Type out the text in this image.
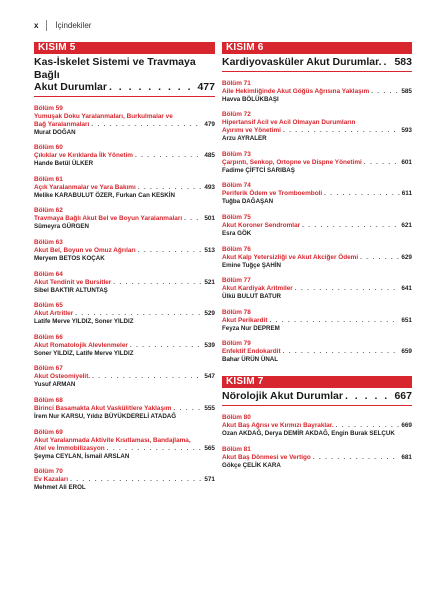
x İçindekiler
KISIM 5
Kas-İskelet Sistemi ve Travmaya Bağlı
Akut Durumlar . . .	477
Bölüm 59
Yumuşak Doku Yaralanmaları, Burkulmalar ve
Bağ Yaralanmaları . . .	479
Murat DOĞAN
Bölüm 60
Çıkıklar ve Kırıklarda İlk Yönetim . . .	485
Hande Betül ÜLKER
Bölüm 61
Açık Yaralanmalar ve Yara Bakımı . . .	493
Melike KARABULUT ÖZER, Furkan Can KESKİN
Bölüm 62
Travmaya Bağlı Akut Bel ve Boyun Yaralanmaları . . .	501
Sümeyra GÜRGEN
Bölüm 63
Akut Bel, Boyun ve Omuz Ağrıları . . .	513
Meryem BETOS KOÇAK
Bölüm 64
Akut Tendinit ve Bursitler . . .	521
Sibel BAKTIR ALTUNTAŞ
Bölüm 65
Akut Artritler . . .	529
Latife Merve YILDIZ, Soner YILDIZ
Bölüm 66
Akut Romatolojik Alevlenmeler . . .	539
Soner YILDIZ, Latife Merve YILDIZ
Bölüm 67
Akut Osteomiyelit. . . .	547
Yusuf ARMAN
Bölüm 68
Birinci Basamakta Akut Vaskülitlere Yaklaşım . . .	555
İrem Nur KARSU, Yıldız BÜYÜKDERELİ ATADAĞ
Bölüm 69
Akut Yaralanmada Aktivite Kısıtlaması, Bandajlama,
Atel ve İmmobilizasyon . . .	565
Şeyma CEYLAN, İsmail ARSLAN
Bölüm 70
Ev Kazaları . . .	571
Mehmet Ali EROL
KISIM 6
Kardiyovasküler Akut Durumlar. . . . 583
Bölüm 71
Aile Hekimliğinde Akut Göğüs Ağrısına Yaklaşım . . .	585
Havva BÖLÜKBAŞI
Bölüm 72
Hipertansif Acil ve Acil Olmayan Durumların
Ayırımı ve Yönetimi . . .	593
Arzu AYRALER
Bölüm 73
Çarpıntı, Senkop, Ortopne ve Dispne Yönetimi . . .	601
Fadime ÇİFTCİ SARIBAŞ
Bölüm 74
Periferik Ödem ve Tromboemboli . . .	611
Tuğba DAĞAŞAN
Bölüm 75
Akut Koroner Sendromlar . . .	621
Esra GÖK
Bölüm 76
Akut Kalp Yetersizliği ve Akut Akciğer Ödemi . . .	629
Emine Tuğçe ŞAHİN
Bölüm 77
Akut Kardiyak Aritmiler . . .	641
Ülkü BULUT BATUR
Bölüm 78
Akut Perikardit . . .	651
Feyza Nur DEPREM
Bölüm 79
Enfektif Endokardit . . .	659
Bahar ÜRÜN ÜNAL
KISIM 7
Nörolojik Akut Durumlar . . .	667
Bölüm 80
Akut Baş Ağrısı ve Kırmızı Bayraklar. . . .	669
Ozan AKDAĞ, Derya DEMİR AKDAĞ, Engin Burak SELÇUK
Bölüm 81
Akut Baş Dönmesi ve Vertigo . . .	681
Gökçe ÇELİK KARA
